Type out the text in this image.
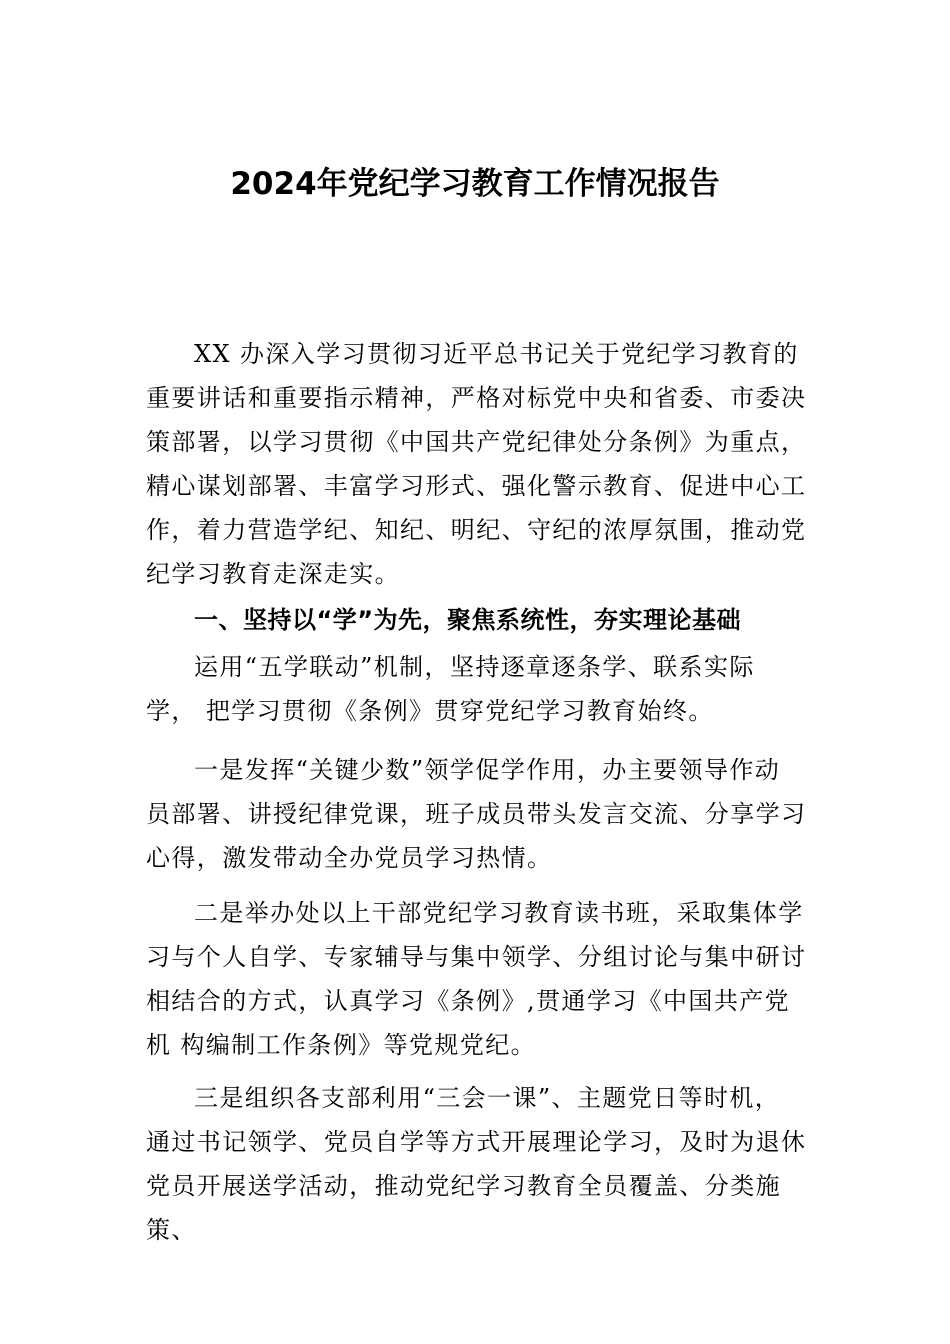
2024年党纪学习教育工作情况报告
XX 办深入学习贯彻习近平总书记关于党纪学习教育的
重要讲话和重要指示精神，严格对标党中央和省委、市委决
策部署，以学习贯彻《中国共产党纪律处分条例》为重点，
精心谋划部署、丰富学习形式、强化警示教育、促进中心工
作，着力营造学纪、知纪、明纪、守纪的浓厚氛围，推动党
纪学习教育走深走实。
一、坚持以“学”为先，聚焦系统性，夯实理论基础
运用“五学联动”机制，坚持逐章逐条学、联系实际
学， 把学习贯彻《条例》贯穿党纪学习教育始终。
一是发挥“关键少数”领学促学作用，办主要领导作动
员部署、讲授纪律党课，班子成员带头发言交流、分享学习
心得，激发带动全办党员学习热情。
二是举办处以上干部党纪学习教育读书班，采取集体学
习与个人自学、专家辅导与集中领学、分组讨论与集中研讨
相结合的方式，认真学习《条例》,贯通学习《中国共产党
机 构编制工作条例》等党规党纪。
三是组织各支部利用“三会一课”、主题党日等时机，
通过书记领学、党员自学等方式开展理论学习，及时为退休
党员开展送学活动，推动党纪学习教育全员覆盖、分类施
策、
